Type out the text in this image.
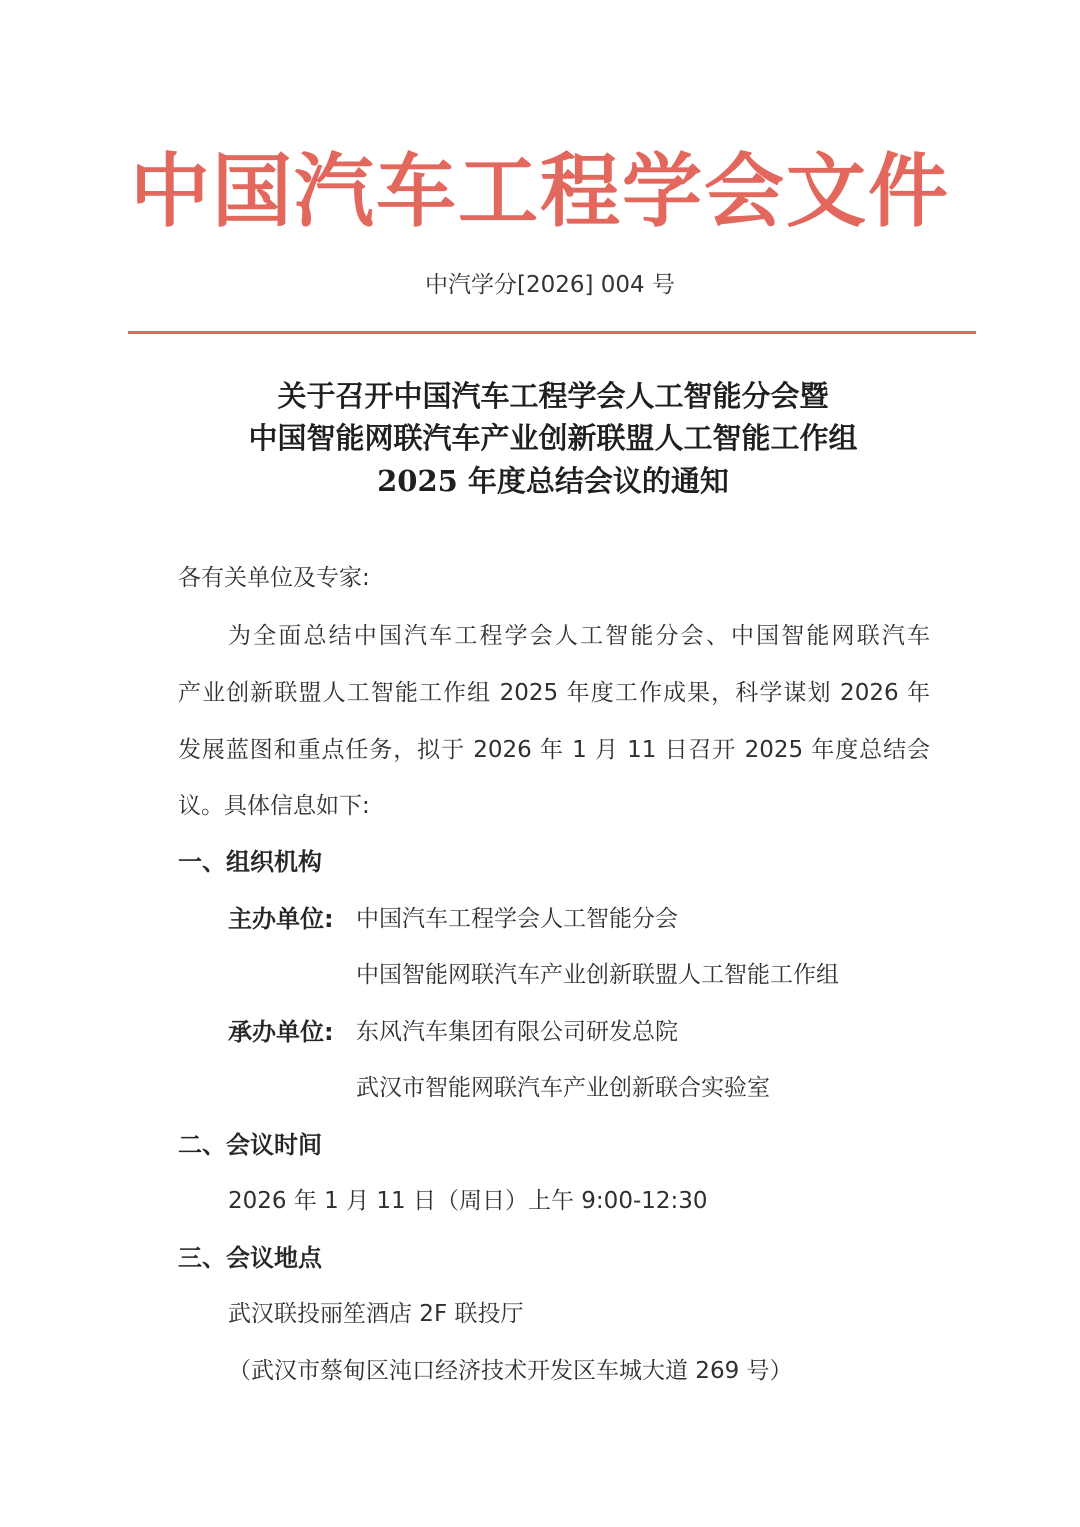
中国汽车工程学会文件

中汽学分[2026] 004 号

关于召开中国汽车工程学会人工智能分会暨
中国智能网联汽车产业创新联盟人工智能工作组
2025 年度总结会议的通知

各有关单位及专家:

为全面总结中国汽车工程学会人工智能分会、中国智能网联汽车

产业创新联盟人工智能工作组 2025 年度工作成果，科学谋划 2026 年

发展蓝图和重点任务，拟于 2026 年 1 月 11 日召开 2025 年度总结会

议。具体信息如下:

一、组织机构

主办单位: 中国汽车工程学会人工智能分会

中国智能网联汽车产业创新联盟人工智能工作组

承办单位: 东风汽车集团有限公司研发总院

武汉市智能网联汽车产业创新联合实验室

二、会议时间

2026 年 1 月 11 日（周日）上午 9:00-12:30

三、会议地点

武汉联投丽笙酒店 2F 联投厅

（武汉市蔡甸区沌口经济技术开发区车城大道 269 号）
